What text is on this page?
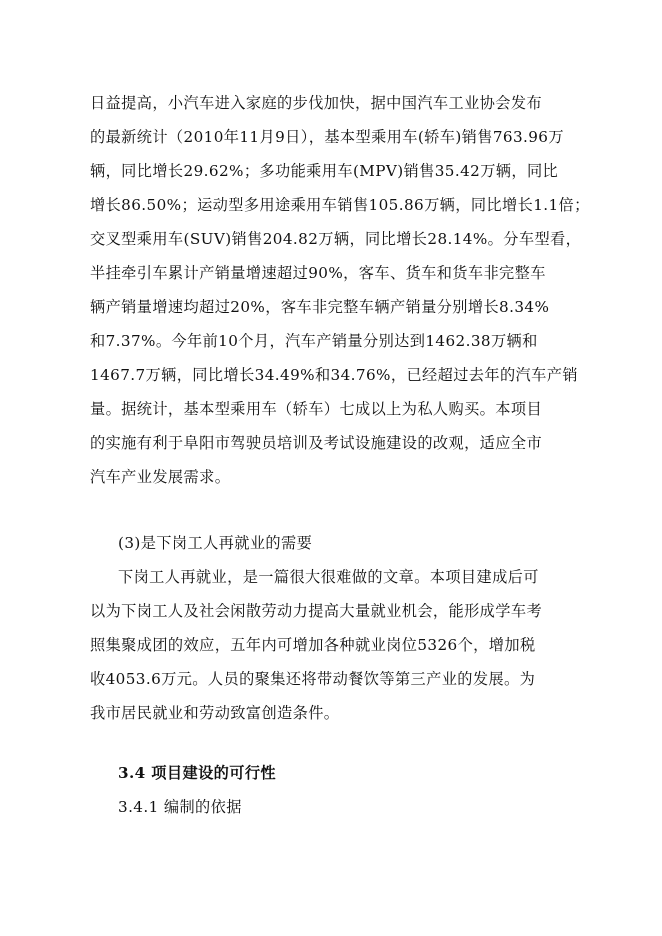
日益提高，小汽车进入家庭的步伐加快，据中国汽车工业协会发布
的最新统计（2010年11月9日），基本型乘用车(轿车)销售763.96万
辆，同比增长29.62%；多功能乘用车(MPV)销售35.42万辆，同比
增长86.50%；运动型多用途乘用车销售105.86万辆，同比增长1.1倍；
交叉型乘用车(SUV)销售204.82万辆，同比增长28.14%。分车型看，
半挂牵引车累计产销量增速超过90%，客车、货车和货车非完整车
辆产销量增速均超过20%，客车非完整车辆产销量分别增长8.34%
和7.37%。今年前10个月，汽车产销量分别达到1462.38万辆和
1467.7万辆，同比增长34.49%和34.76%，已经超过去年的汽车产销
量。据统计，基本型乘用车（轿车）七成以上为私人购买。本项目
的实施有利于阜阳市驾驶员培训及考试设施建设的改观，适应全市
汽车产业发展需求。
(3)是下岗工人再就业的需要
下岗工人再就业，是一篇很大很难做的文章。本项目建成后可
以为下岗工人及社会闲散劳动力提高大量就业机会，能形成学车考
照集聚成团的效应，五年内可增加各种就业岗位5326个，增加税
收4053.6万元。人员的聚集还将带动餐饮等第三产业的发展。为
我市居民就业和劳动致富创造条件。
3.4 项目建设的可行性
3.4.1 编制的依据
